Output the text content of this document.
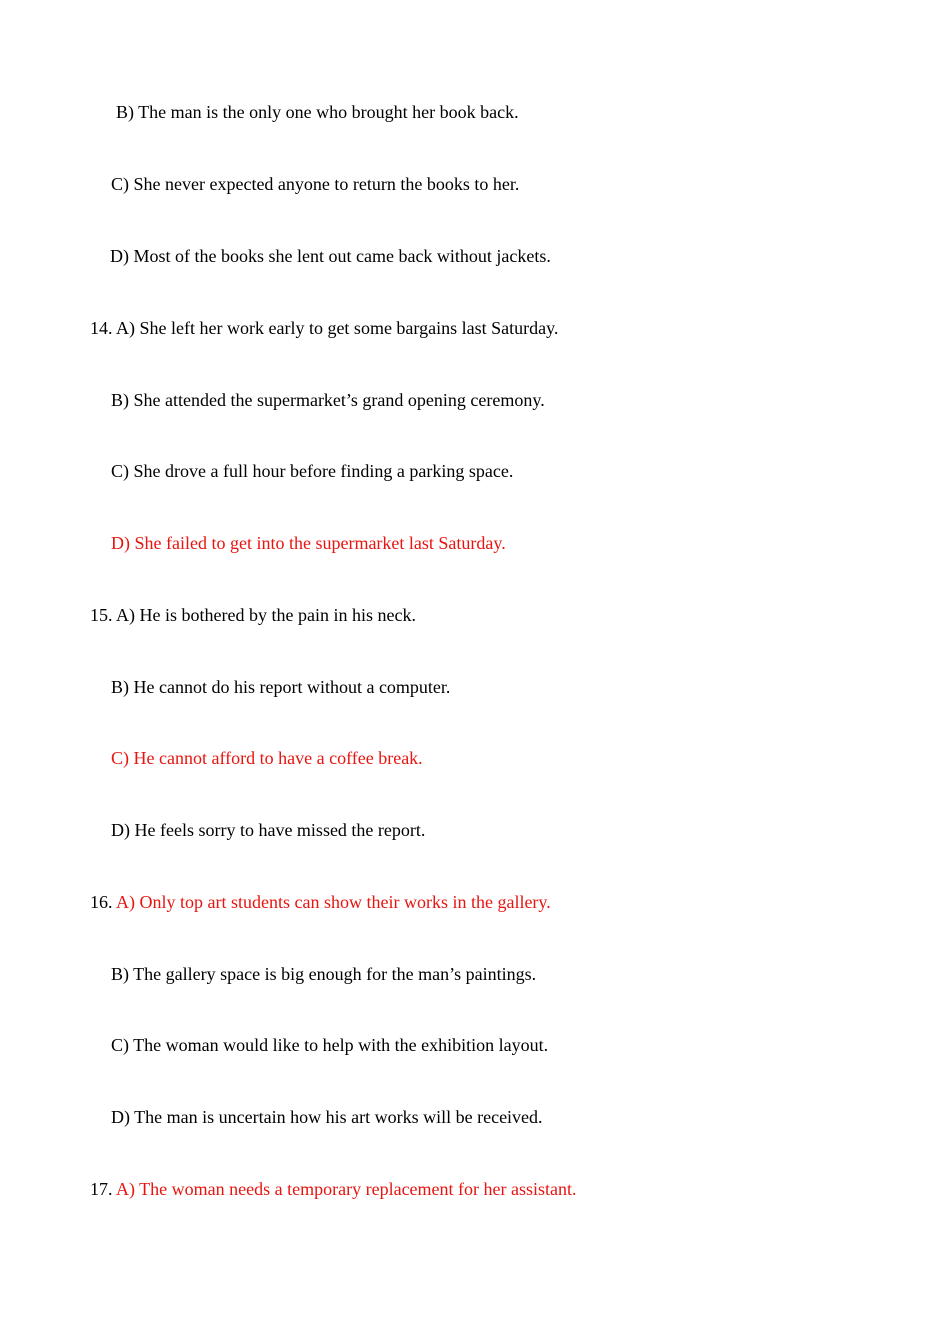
B) The man is the only one who brought her book back.
C) She never expected anyone to return the books to her.
D) Most of the books she lent out came back without jackets.
14. A) She left her work early to get some bargains last Saturday.
B) She attended the supermarket’s grand opening ceremony.
C) She drove a full hour before finding a parking space.
D) She failed to get into the supermarket last Saturday.
15. A) He is bothered by the pain in his neck.
B) He cannot do his report without a computer.
C) He cannot afford to have a coffee break.
D) He feels sorry to have missed the report.
16. A) Only top art students can show their works in the gallery.
B) The gallery space is big enough for the man’s paintings.
C) The woman would like to help with the exhibition layout.
D) The man is uncertain how his art works will be received.
17. A) The woman needs a temporary replacement for her assistant.
